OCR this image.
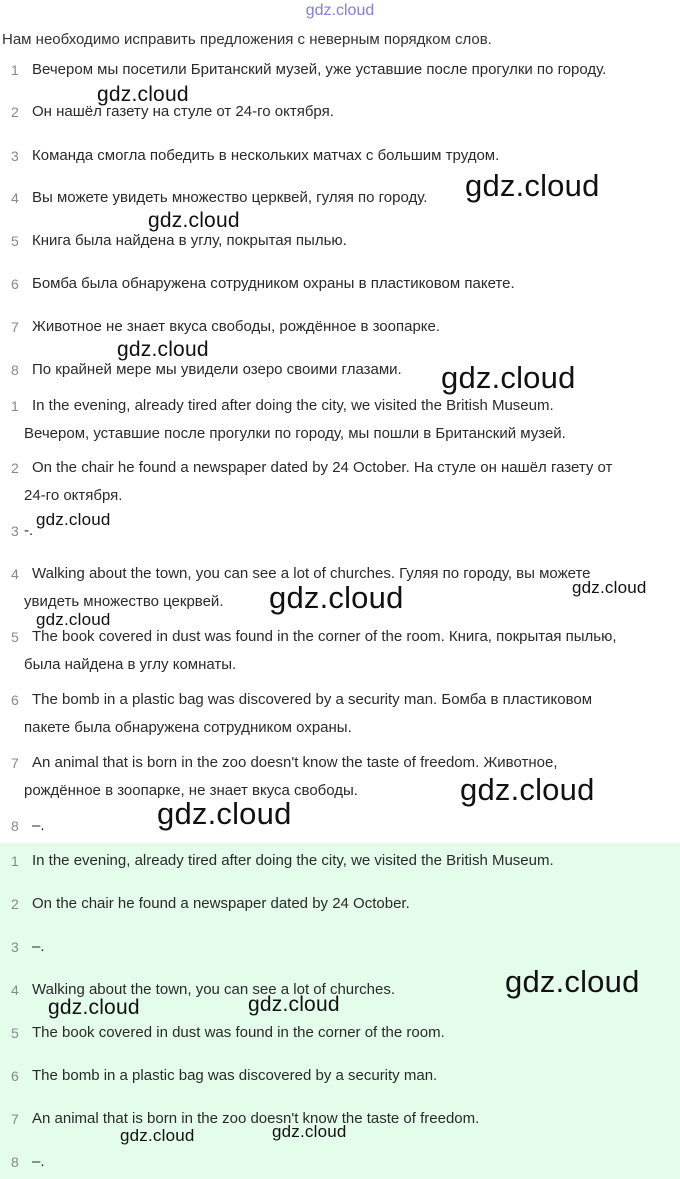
gdz.cloud
Нам необходимо исправить предложения с неверным порядком слов.
1 Вечером мы посетили Британский музей, уже уставшие после прогулки по городу.
2 Он нашёл газету на стуле от 24-го октября.
3 Команда смогла победить в нескольких матчах с большим трудом.
4 Вы можете увидеть множество церквей, гуляя по городу.
5 Книга была найдена в углу, покрытая пылью.
6 Бомба была обнаружена сотрудником охраны в пластиковом пакете.
7 Животное не знает вкуса свободы, рождённое в зоопарке.
8 По крайней мере мы увидели озеро своими глазами.
1 In the evening, already tired after doing the city, we visited the British Museum.
Вечером, уставшие после прогулки по городу, мы пошли в Британский музей.
2 On the chair he found a newspaper dated by 24 October. На стуле он нашёл газету от
24-го октября.
3 -.
4 Walking about the town, you can see a lot of churches. Гуляя по городу, вы можете
увидеть множество цекрвей.
5 The book covered in dust was found in the corner of the room. Книга, покрытая пылью,
была найдена в углу комнаты.
6 The bomb in a plastic bag was discovered by a security man. Бомба в пластиковом
пакете была обнаружена сотрудником охраны.
7 An animal that is born in the zoo doesn't know the taste of freedom. Животное,
рождённое в зоопарке, не знает вкуса свободы.
8 –.
1 In the evening, already tired after doing the city, we visited the British Museum.
2 On the chair he found a newspaper dated by 24 October.
3 –.
4 Walking about the town, you can see a lot of churches.
5 The book covered in dust was found in the corner of the room.
6 The bomb in a plastic bag was discovered by a security man.
7 An animal that is born in the zoo doesn't know the taste of freedom.
8 –.
gdz.cloud
gdz.cloud
gdz.cloud
gdz.cloud
gdz.cloud
gdz.cloud
gdz.cloud
gdz.cloud
gdz.cloud
gdz.cloud
gdz.cloud
gdz.cloud
gdz.cloud	gdz.cloud
gdz.cloud	gdz.cloud
